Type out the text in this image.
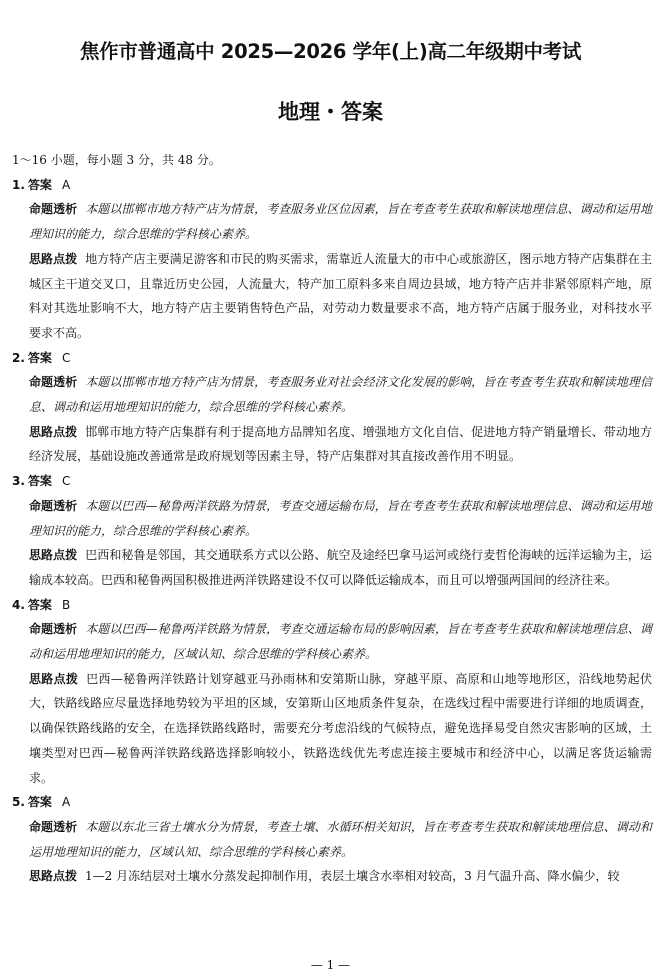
焦作市普通高中 2025—2026 学年(上)高二年级期中考试
地理・答案

1～16 小题，每小题 3 分，共 48 分。

1. 答案 A

命题透析 本题以邯郸市地方特产店为情景，考查服务业区位因素，旨在考查考生获取和解读地理信息、调动和运用地理知识的能力，综合思维的学科核心素养。

思路点拨 地方特产店主要满足游客和市民的购买需求，需靠近人流量大的市中心或旅游区，图示地方特产店集群在主城区主干道交叉口，且靠近历史公园，人流量大，特产加工原料多来自周边县域，地方特产店并非紧邻原料产地，原料对其选址影响不大，地方特产店主要销售特色产品，对劳动力数量要求不高，地方特产店属于服务业，对科技水平要求不高。

2. 答案 C

命题透析 本题以邯郸市地方特产店为情景，考查服务业对社会经济文化发展的影响，旨在考查考生获取和解读地理信息、调动和运用地理知识的能力，综合思维的学科核心素养。

思路点拨 邯郸市地方特产店集群有利于提高地方品牌知名度、增强地方文化自信、促进地方特产销量增长、带动地方经济发展，基础设施改善通常是政府规划等因素主导，特产店集群对其直接改善作用不明显。

3. 答案 C

命题透析 本题以巴西—秘鲁两洋铁路为情景，考查交通运输布局，旨在考查考生获取和解读地理信息、调动和运用地理知识的能力，综合思维的学科核心素养。

思路点拨 巴西和秘鲁是邻国，其交通联系方式以公路、航空及途经巴拿马运河或绕行麦哲伦海峡的远洋运输为主，运输成本较高。巴西和秘鲁两国积极推进两洋铁路建设不仅可以降低运输成本，而且可以增强两国间的经济往来。

4. 答案 B

命题透析 本题以巴西—秘鲁两洋铁路为情景，考查交通运输布局的影响因素，旨在考查考生获取和解读地理信息、调动和运用地理知识的能力，区域认知、综合思维的学科核心素养。

思路点拨 巴西—秘鲁两洋铁路计划穿越亚马孙雨林和安第斯山脉，穿越平原、高原和山地等地形区，沿线地势起伏大，铁路线路应尽量选择地势较为平坦的区域，安第斯山区地质条件复杂，在选线过程中需要进行详细的地质调查，以确保铁路线路的安全，在选择铁路线路时，需要充分考虑沿线的气候特点，避免选择易受自然灾害影响的区域，土壤类型对巴西—秘鲁两洋铁路线路选择影响较小，铁路选线优先考虑连接主要城市和经济中心，以满足客货运输需求。

5. 答案 A

命题透析 本题以东北三省土壤水分为情景，考查土壤、水循环相关知识，旨在考查考生获取和解读地理信息、调动和运用地理知识的能力，区域认知、综合思维的学科核心素养。

思路点拨 1—2 月冻结层对土壤水分蒸发起抑制作用，表层土壤含水率相对较高，3 月气温升高、降水偏少，较

— 1 —
